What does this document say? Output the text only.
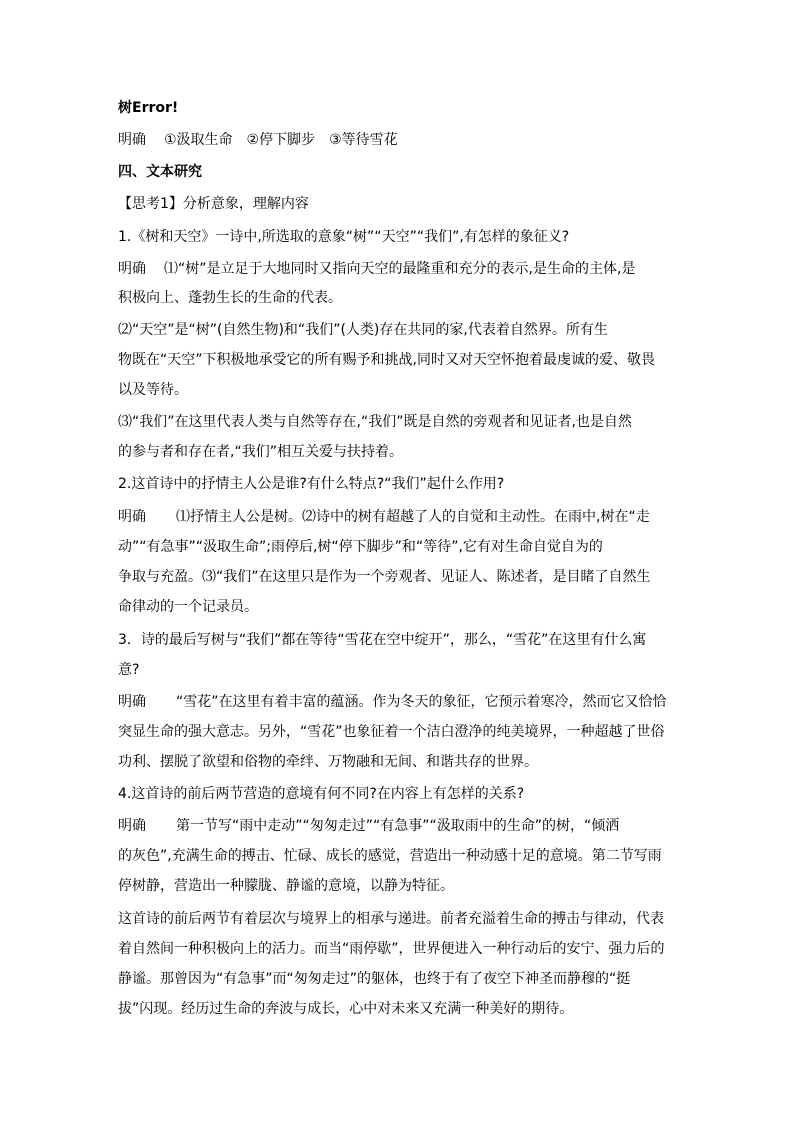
树Error!
明确 ①汲取生命　②停下脚步　③等待雪花
四、文本研究
【思考1】分析意象，理解内容
1.《树和天空》一诗中,所选取的意象“树”“天空”“我们”,有怎样的象征义?
明确 ⑴“树”是立足于大地同时又指向天空的最隆重和充分的表示,是生命的主体,是
积极向上、蓬勃生长的生命的代表。
⑵“天空”是“树”(自然生物)和“我们”(人类)存在共同的家,代表着自然界。所有生
物既在“天空”下积极地承受它的所有赐予和挑战,同时又对天空怀抱着最虔诚的爱、敬畏
以及等待。
⑶“我们”在这里代表人类与自然等存在,“我们”既是自然的旁观者和见证者,也是自然
的参与者和存在者,“我们”相互关爱与扶持着。
2.这首诗中的抒情主人公是谁?有什么特点?“我们”起什么作用?
明确 ⑴抒情主人公是树。⑵诗中的树有超越了人的自觉和主动性。在雨中,树在“走
动”“有急事”“汲取生命”;雨停后,树“停下脚步”和“等待”,它有对生命自觉自为的
争取与充盈。⑶“我们”在这里只是作为一个旁观者、见证人、陈述者，是目睹了自然生
命律动的一个记录员。
3．诗的最后写树与“我们”都在等待“雪花在空中绽开”，那么，“雪花”在这里有什么寓
意?
明确 “雪花”在这里有着丰富的蕴涵。作为冬天的象征，它预示着寒冷，然而它又恰恰
突显生命的强大意志。另外，“雪花”也象征着一个洁白澄净的纯美境界，一种超越了世俗
功利、摆脱了欲望和俗物的牵绊、万物融和无间、和谐共存的世界。
4.这首诗的前后两节营造的意境有何不同?在内容上有怎样的关系?
明确 第一节写“雨中走动”“匆匆走过”“有急事”“汲取雨中的生命”的树，“倾洒
的灰色”,充满生命的搏击、忙碌、成长的感觉，营造出一种动感十足的意境。第二节写雨
停树静，营造出一种朦胧、静谧的意境，以静为特征。
这首诗的前后两节有着层次与境界上的相承与递进。前者充溢着生命的搏击与律动，代表
着自然间一种积极向上的活力。而当“雨停歇”，世界便进入一种行动后的安宁、强力后的
静谧。那曾因为“有急事”而“匆匆走过”的躯体，也终于有了夜空下神圣而静穆的“挺
拔”闪现。经历过生命的奔波与成长，心中对未来又充满一种美好的期待。
